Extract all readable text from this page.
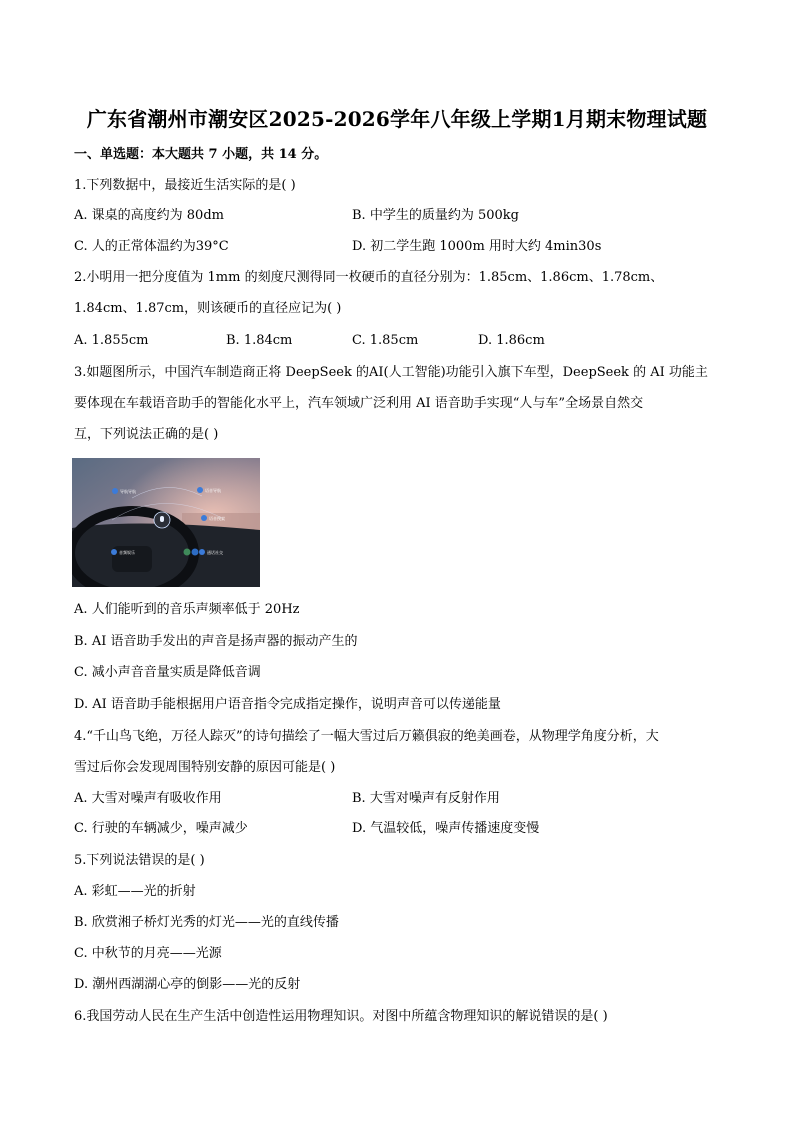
广东省潮州市潮安区2025-2026学年八年级上学期1月期末物理试题
一、单选题：本大题共 7 小题，共 14 分。
1.下列数据中，最接近生活实际的是( )
A. 课桌的高度约为 80dm	B. 中学生的质量约为 500kg
C. 人的正常体温约为39°C	D. 初二学生跑 1000m 用时大约 4min30s
2.小明用一把分度值为 1mm 的刻度尺测得同一枚硬币的直径分别为：1.85cm、1.86cm、1.78cm、
1.84cm、1.87cm，则该硬币的直径应记为( )
A. 1.855cm	B. 1.84cm	C. 1.85cm	D. 1.86cm
3.如题图所示，中国汽车制造商正将 DeepSeek 的AI(人工智能)功能引入旗下车型，DeepSeek 的 AI 功能主
要体现在车载语音助手的智能化水平上，汽车领域广泛利用 AI 语音助手实现“人与车”全场景自然交
互，下列说法正确的是( )
导航导航	语音导航
语音搜索
通话社交
音频娱乐
A. 人们能听到的音乐声频率低于 20Hz
B. AI 语音助手发出的声音是扬声器的振动产生的
C. 减小声音音量实质是降低音调
D. AI 语音助手能根据用户语音指令完成指定操作，说明声音可以传递能量
4.“千山鸟飞绝，万径人踪灭”的诗句描绘了一幅大雪过后万籁俱寂的绝美画卷，从物理学角度分析，大
雪过后你会发现周围特别安静的原因可能是( )
A. 大雪对噪声有吸收作用	B. 大雪对噪声有反射作用
C. 行驶的车辆减少，噪声减少	D. 气温较低，噪声传播速度变慢
5.下列说法错误的是( )
A. 彩虹——光的折射
B. 欣赏湘子桥灯光秀的灯光——光的直线传播
C. 中秋节的月亮——光源
D. 潮州西湖湖心亭的倒影——光的反射
6.我国劳动人民在生产生活中创造性运用物理知识。对图中所蕴含物理知识的解说错误的是( )
